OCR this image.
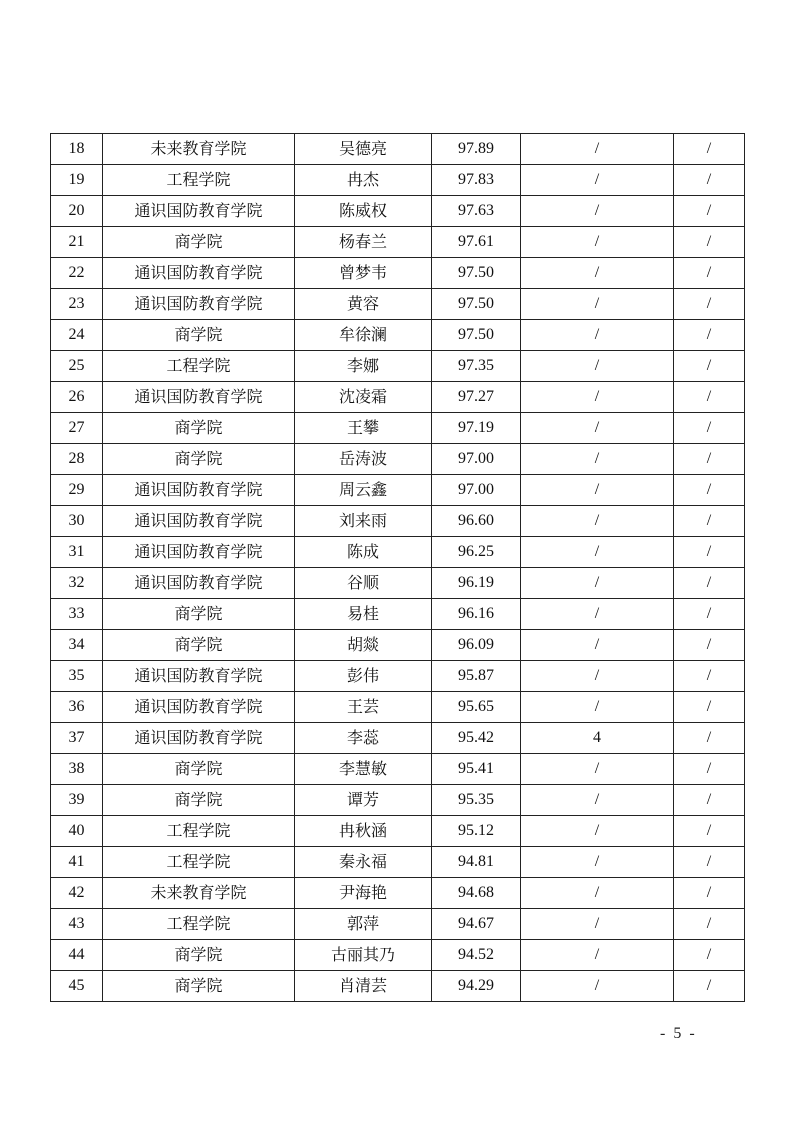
18	未来教育学院	吴德亮	97.89	/	/
19	工程学院	冉杰	97.83	/	/
20	通识国防教育学院	陈威权	97.63	/	/
21	商学院	杨春兰	97.61	/	/
22	通识国防教育学院	曾梦韦	97.50	/	/
23	通识国防教育学院	黄容	97.50	/	/
24	商学院	牟徐澜	97.50	/	/
25	工程学院	李娜	97.35	/	/
26	通识国防教育学院	沈凌霜	97.27	/	/
27	商学院	王攀	97.19	/	/
28	商学院	岳涛波	97.00	/	/
29	通识国防教育学院	周云鑫	97.00	/	/
30	通识国防教育学院	刘来雨	96.60	/	/
31	通识国防教育学院	陈成	96.25	/	/
32	通识国防教育学院	谷顺	96.19	/	/
33	商学院	易桂	96.16	/	/
34	商学院	胡燚	96.09	/	/
35	通识国防教育学院	彭伟	95.87	/	/
36	通识国防教育学院	王芸	95.65	/	/
37	通识国防教育学院	李蕊	95.42	4	/
38	商学院	李慧敏	95.41	/	/
39	商学院	谭芳	95.35	/	/
40	工程学院	冉秋涵	95.12	/	/
41	工程学院	秦永福	94.81	/	/
42	未来教育学院	尹海艳	94.68	/	/
43	工程学院	郭萍	94.67	/	/
44	商学院	古丽其乃	94.52	/	/
45	商学院	肖清芸	94.29	/	/
- 5 -
